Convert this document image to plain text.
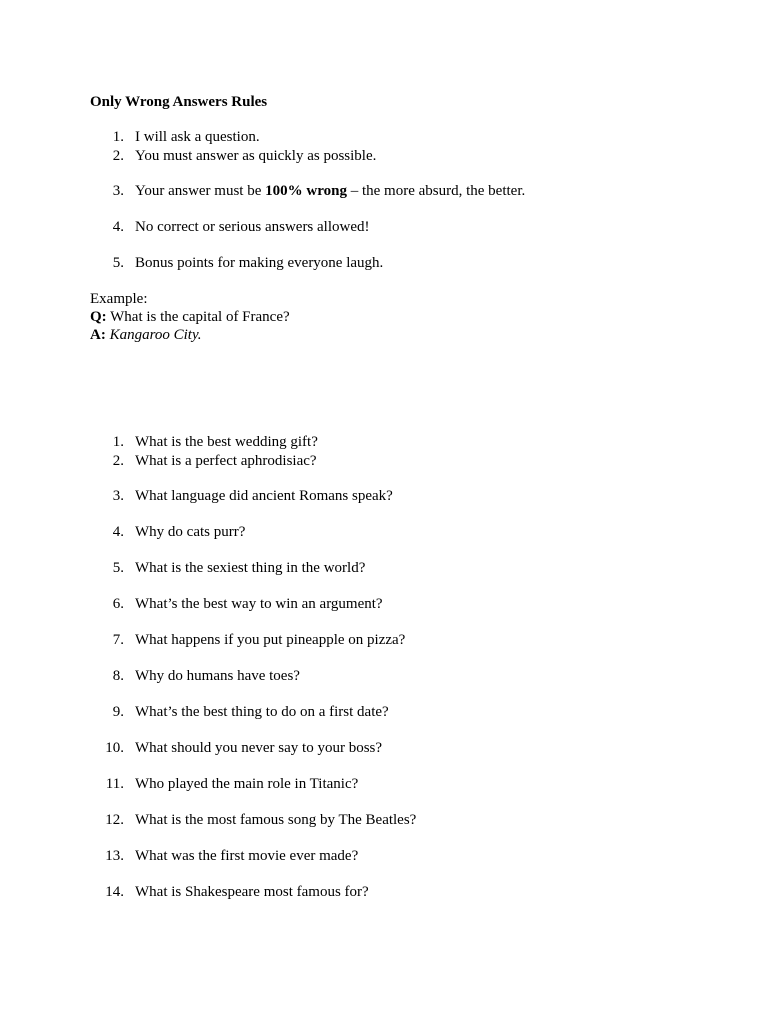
Only Wrong Answers Rules
1. I will ask a question.
2. You must answer as quickly as possible.
3. Your answer must be 100% wrong – the more absurd, the better.
4. No correct or serious answers allowed!
5. Bonus points for making everyone laugh.
Example:
Q: What is the capital of France?
A: Kangaroo City.
1. What is the best wedding gift?
2. What is a perfect aphrodisiac?
3. What language did ancient Romans speak?
4. Why do cats purr?
5. What is the sexiest thing in the world?
6. What’s the best way to win an argument?
7. What happens if you put pineapple on pizza?
8. Why do humans have toes?
9. What’s the best thing to do on a first date?
10. What should you never say to your boss?
11. Who played the main role in Titanic?
12. What is the most famous song by The Beatles?
13. What was the first movie ever made?
14. What is Shakespeare most famous for?
